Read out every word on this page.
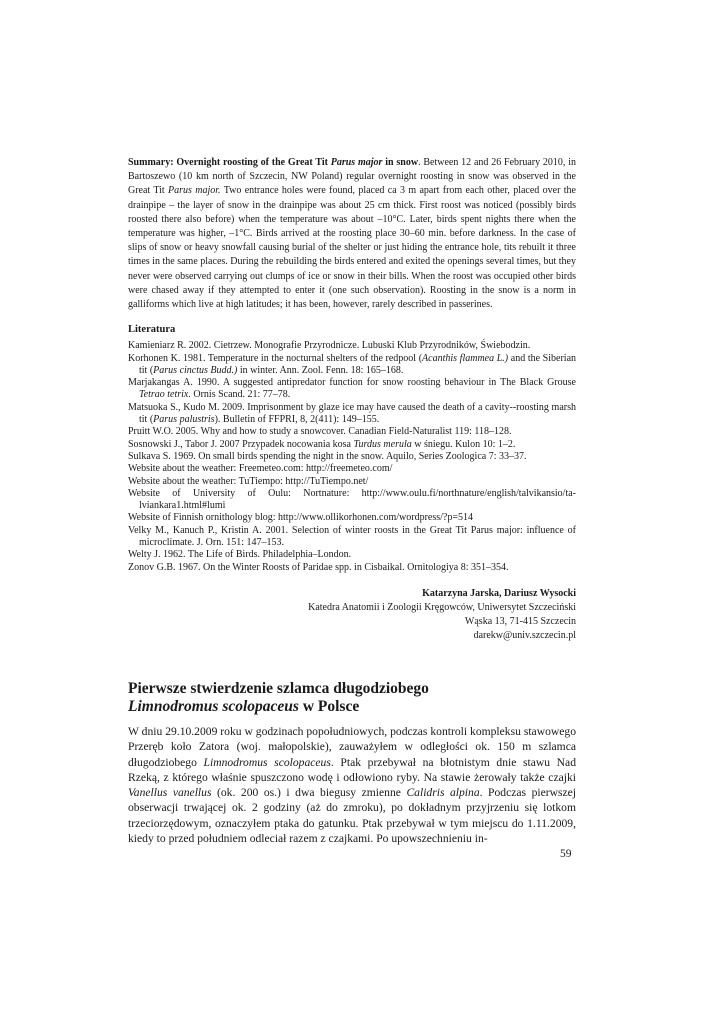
Summary: Overnight roosting of the Great Tit Parus major in snow. Between 12 and 26 February 2010, in Bartoszewo (10 km north of Szczecin, NW Poland) regular overnight roosting in snow was observed in the Great Tit Parus major. Two entrance holes were found, placed ca 3 m apart from each other, placed over the drainpipe – the layer of snow in the drainpipe was about 25 cm thick. First roost was noticed (possibly birds roosted there also before) when the temperature was about –10°C. Later, birds spent nights there when the temperature was higher, –1°C. Birds arrived at the roosting place 30–60 min. before darkness. In the case of slips of snow or heavy snowfall causing burial of the shelter or just hiding the entrance hole, tits rebuilt it three times in the same places. During the rebuilding the birds entered and exited the openings several times, but they never were observed carrying out clumps of ice or snow in their bills. When the roost was occupied other birds were chased away if they attempted to enter it (one such observation). Roosting in the snow is a norm in galliforms which live at high latitudes; it has been, however, rarely described in passerines.
Literatura

Kamieniarz R. 2002. Cietrzew. Monografie Przyrodnicze. Lubuski Klub Przyrodników, Świebodzin.

Korhonen K. 1981. Temperature in the nocturnal shelters of the redpool (Acanthis flammea L.) and the Siberian tit (Parus cinctus Budd.) in winter. Ann. Zool. Fenn. 18: 165–168.

Marjakangas A. 1990. A suggested antipredator function for snow roosting behaviour in The Black Grouse Tetrao tetrix. Ornis Scand. 21: 77–78.

Matsuoka S., Kudo M. 2009. Imprisonment by glaze ice may have caused the death of a cavity--roosting marsh tit (Parus palustris). Bulletin of FFPRI, 8, 2(411): 149–155.

Pruitt W.O. 2005. Why and how to study a snowcover. Canadian Field-Naturalist 119: 118–128.

Sosnowski J., Tabor J. 2007 Przypadek nocowania kosa Turdus merula w śniegu. Kulon 10: 1–2.

Sulkava S. 1969. On small birds spending the night in the snow. Aquilo, Series Zoologica 7: 33–37.

Website about the weather: Freemeteo.com: http://freemeteo.com/

Website about the weather: TuTiempo: http://TuTiempo.net/

Website of University of Oulu: Nortnature: http://www.oulu.fi/northnature/english/talvikansio/ta-lviankara1.html#lumi

Website of Finnish ornithology blog: http://www.ollikorhonen.com/wordpress/?p=514

Velky M., Kanuch P., Kristin A. 2001. Selection of winter roosts in the Great Tit Parus major: influence of microclimate. J. Orn. 151: 147–153.

Welty J. 1962. The Life of Birds. Philadelphia–London.

Zonov G.B. 1967. On the Winter Roosts of Paridae spp. in Cisbaikal. Ornitologiya 8: 351–354.

Katarzyna Jarska, Dariusz Wysocki
Katedra Anatomii i Zoologii Kręgowców, Uniwersytet Szczeciński
Wąska 13, 71-415 Szczecin
darekw@univ.szczecin.pl
Pierwsze stwierdzenie szlamca długodziobego
Limnodromus scolopaceus w Polsce

W dniu 29.10.2009 roku w godzinach popołudniowych, podczas kontroli kompleksu stawowego Przeręb koło Zatora (woj. małopolskie), zauważyłem w odległości ok. 150 m szlamca długodziobego Limnodromus scolopaceus. Ptak przebywał na błotnistym dnie stawu Nad Rzeką, z którego właśnie spuszczono wodę i odłowiono ryby. Na stawie żerowały także czajki Vanellus vanellus (ok. 200 os.) i dwa biegusy zmienne Calidris alpina. Podczas pierwszej obserwacji trwającej ok. 2 godziny (aż do zmroku), po dokładnym przyjrzeniu się lotkom trzeciorzędowym, oznaczyłem ptaka do gatunku. Ptak przebywał w tym miejscu do 1.11.2009, kiedy to przed południem odleciał razem z czajkami. Po upowszechnieniu in-

59
